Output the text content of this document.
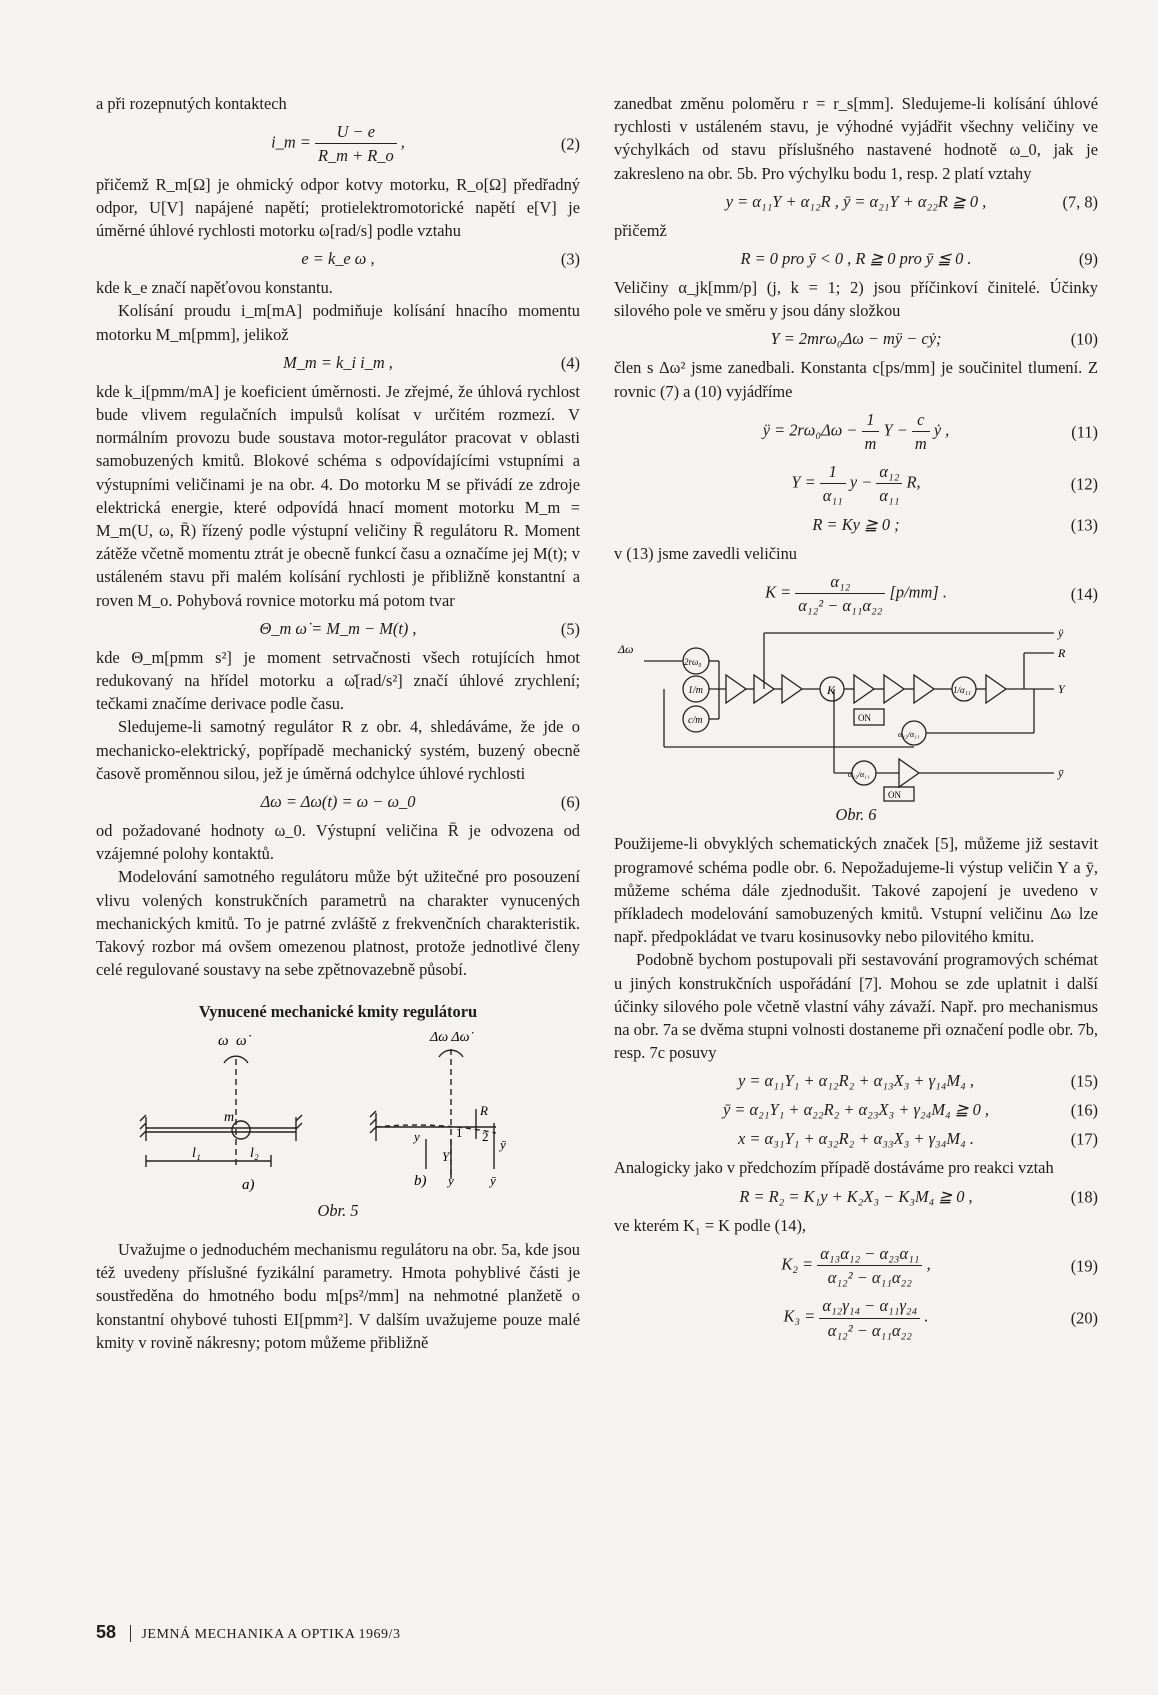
a při rozepnutých kontaktech

i_m = $\frac{U - e}{R\_m + R\_o}$ ,	(2)

přičemž R_m[Ω] je ohmický odpor kotvy motorku, R_o[Ω] předřadný odpor, U[V] napájené napětí; protielektromotorické napětí e[V] je úměrné úhlové rychlosti motorku ω[rad/s] podle vztahu

e = k_e ω ,	(3)

kde k_e značí napěťovou konstantu.

Kolísání proudu i_m[mA] podmiňuje kolísání hnacího momentu motorku M_m[pmm], jelikož

M_m = k_i i_m ,	(4)

kde k_i[pmm/mA] je koeficient úměrnosti. Je zřejmé, že úhlová rychlost bude vlivem regulačních impulsů kolísat v určitém rozmezí. V normálním provozu bude soustava motor-regulátor pracovat v oblasti samobuzených kmitů. Blokové schéma s odpovídajícími vstupními a výstupními veličinami je na obr. 4. Do motorku M se přivádí ze zdroje elektrická energie, které odpovídá hnací moment motorku M_m = M_m(U, ω, R̄) řízený podle výstupní veličiny R̄ regulátoru R. Moment zátěže včetně momentu ztrát je obecně funkcí času a označíme jej M(t); v ustáleném stavu při malém kolísání rychlosti je přibližně konstantní a roven M_o. Pohybová rovnice motorku má potom tvar

Θ_m ω̇ = M_m − M(t) ,	(5)

kde Θ_m[pmm s²] je moment setrvačnosti všech rotujících hmot redukovaný na hřídel motorku a ω̇[rad/s²] značí úhlové zrychlení; tečkami značíme derivace podle času.

Sledujeme-li samotný regulátor R z obr. 4, shledáváme, že jde o mechanicko-elektrický, popřípadě mechanický systém, buzený obecně časově proměnnou silou, jež je úměrná odchylce úhlové rychlosti

Δω = Δω(t) = ω − ω_0	(6)

od požadované hodnoty ω_0. Výstupní veličina R̄ je odvozena od vzájemné polohy kontaktů.

Modelování samotného regulátoru může být užitečné pro posouzení vlivu volených konstrukčních parametrů na charakter vynucených mechanických kmitů. To je patrné zvláště z frekvenčních charakteristik. Takový rozbor má ovšem omezenou platnost, protože jednotlivé členy celé regulované soustavy na sebe zpětnovazebně působí.

Vynucené mechanické kmity regulátoru
ω ω̇
m
l₁	l₂
a)
Δω Δω̇
R
1 2
y
ȳ
Y
b) y	ȳ
Obr. 5

Uvažujme o jednoduchém mechanismu regulátoru na obr. 5a, kde jsou též uvedeny příslušné fyzikální parametry. Hmota pohyblivé části je soustředěna do hmotného bodu m[ps²/mm] na nehmotné planžetě o konstantní ohybové tuhosti EI[pmm²]. V dalším uvažujeme pouze malé kmity v rovině nákresny; potom můžeme přibližně

zanedbat změnu poloměru r = r_s[mm]. Sledujeme-li kolísání úhlové rychlosti v ustáleném stavu, je výhodné vyjádřit všechny veličiny ve výchylkách od stavu příslušného nastavené hodnotě ω_0, jak je zakresleno na obr. 5b. Pro výchylku bodu 1, resp. 2 platí vztahy

y = α₁₁Y + α₁₂R , ȳ = α₂₁Y + α₂₂R ≧ 0 ,	(7, 8)

přičemž

R = 0 pro ȳ < 0 , R ≧ 0 pro ȳ ≦ 0 .	(9)

Veličiny α_jk[mm/p] (j, k = 1; 2) jsou příčinkoví činitelé. Účinky silového pole ve směru y jsou dány složkou

Y = 2mrω₀Δω − mÿ − cẏ;	(10)

člen s Δω² jsme zanedbali. Konstanta c[ps/mm] je součinitel tlumení. Z rovnic (7) a (10) vyjádříme

ÿ = $2r\omega_0\Delta\omega - \frac{1}{m}$ $Y - \frac{c}{m}$ ẏ ,	(11)
$Y = \frac{1}{\text{α₁₁}}$ $y - \frac{\text{α₁₂}}{\text{α₁₁}} R$,	(12)
R = Ky ≧ 0 ;	(13)

v (13) jsme zavedli veličinu

$K = \frac{\text{α₁₂}}{\text{α₁₂² − α₁₁α₂₂}} [p/mm]$ .	(14)
Δω
2rω₀
1/m
c/m
K
ON
1/α₁₁
α₁₂/α₁₁
α₁₂/α₁₁
ON
ÿ
R
Y
ȳ
Obr. 6

Použijeme-li obvyklých schematických značek [5], můžeme již sestavit programové schéma podle obr. 6. Nepožadujeme-li výstup veličin Y a ȳ, můžeme schéma dále zjednodušit. Takové zapojení je uvedeno v příkladech modelování samobuzených kmitů. Vstupní veličinu Δω lze např. předpokládat ve tvaru kosinusovky nebo pilovitého kmitu.

Podobně bychom postupovali při sestavování programových schémat u jiných konstrukčních uspořádání [7]. Mohou se zde uplatnit i další účinky silového pole včetně vlastní váhy závaží. Např. pro mechanismus na obr. 7a se dvěma stupni volnosti dostaneme při označení podle obr. 7b, resp. 7c posuvy

y = α₁₁Y₁ + α₁₂R₂ + α₁₃X₃ + γ₁₄M₄ ,	(15)
ȳ = α₂₁Y₁ + α₂₂R₂ + α₂₃X₃ + γ₂₄M₄ ≧ 0 ,	(16)
x = α₃₁Y₁ + α₃₂R₂ + α₃₃X₃ + γ₃₄M₄ .	(17)

Analogicky jako v předchozím případě dostáváme pro reakci vztah

R = R₂ = K₁y + K₂X₃ − K₃M₄ ≧ 0 ,	(18)

ve kterém K₁ = K podle (14),

$K_2 = \frac{\text{α₁₃α₁₂ − α₂₃α₁₁}}{\text{α₁₂² − α₁₁α₂₂}}$ ,	(19)
$K_3 = \frac{\text{α₁₂γ₁₄ − α₁₁γ₂₄}}{\text{α₁₂² − α₁₁α₂₂}}$ .	(20)
58 JEMNÁ MECHANIKA A OPTIKA 1969/3
